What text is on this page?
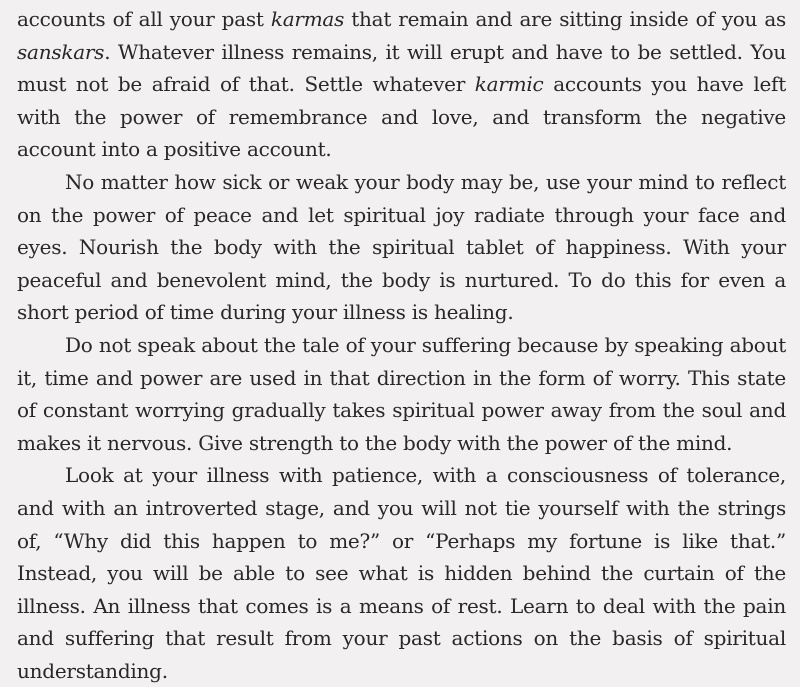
accounts of all your past karmas that remain and are sitting inside of you as sanskars. Whatever illness remains, it will erupt and have to be settled. You must not be afraid of that. Settle whatever karmic accounts you have left with the power of remembrance and love, and transform the negative account into a positive account.

No matter how sick or weak your body may be, use your mind to reflect on the power of peace and let spiritual joy radiate through your face and eyes. Nourish the body with the spiritual tablet of happiness. With your peaceful and benevolent mind, the body is nurtured. To do this for even a short period of time during your illness is healing.

Do not speak about the tale of your suffering because by speaking about it, time and power are used in that direction in the form of worry. This state of constant worrying gradually takes spiritual power away from the soul and makes it nervous. Give strength to the body with the power of the mind.

Look at your illness with patience, with a consciousness of tolerance, and with an introverted stage, and you will not tie yourself with the strings of, “Why did this happen to me?” or “Perhaps my fortune is like that.” Instead, you will be able to see what is hidden behind the curtain of the illness. An illness that comes is a means of rest. Learn to deal with the pain and suffering that result from your past actions on the basis of spiritual understanding.
